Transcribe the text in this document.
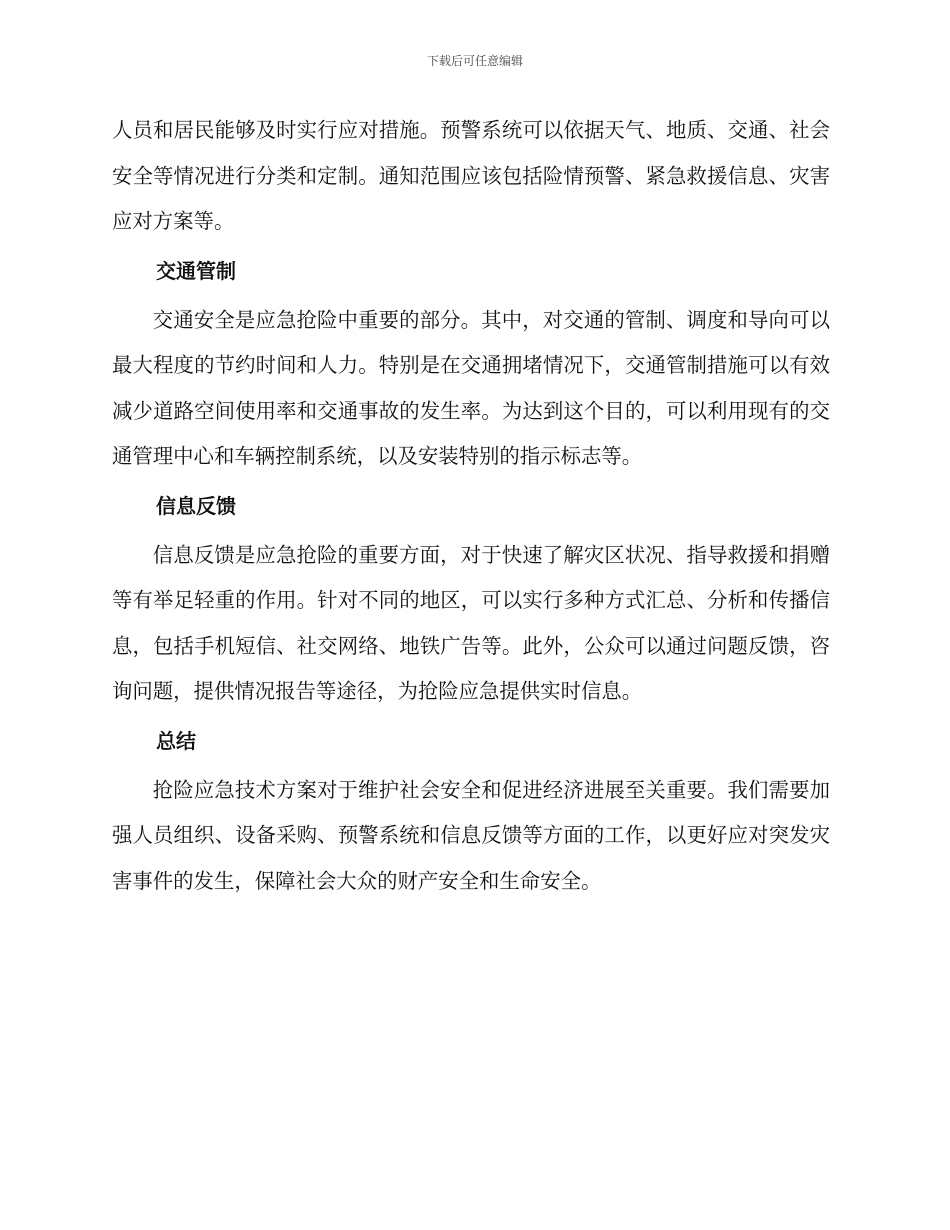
下载后可任意编辑

人员和居民能够及时实行应对措施。预警系统可以依据天气、地质、交通、社会安全等情况进行分类和定制。通知范围应该包括险情预警、紧急救援信息、灾害应对方案等。

交通管制

交通安全是应急抢险中重要的部分。其中，对交通的管制、调度和导向可以最大程度的节约时间和人力。特别是在交通拥堵情况下，交通管制措施可以有效减少道路空间使用率和交通事故的发生率。为达到这个目的，可以利用现有的交通管理中心和车辆控制系统，以及安装特别的指示标志等。

信息反馈

信息反馈是应急抢险的重要方面，对于快速了解灾区状况、指导救援和捐赠等有举足轻重的作用。针对不同的地区，可以实行多种方式汇总、分析和传播信息，包括手机短信、社交网络、地铁广告等。此外，公众可以通过问题反馈，咨询问题，提供情况报告等途径，为抢险应急提供实时信息。

总结

抢险应急技术方案对于维护社会安全和促进经济进展至关重要。我们需要加强人员组织、设备采购、预警系统和信息反馈等方面的工作，以更好应对突发灾害事件的发生，保障社会大众的财产安全和生命安全。
